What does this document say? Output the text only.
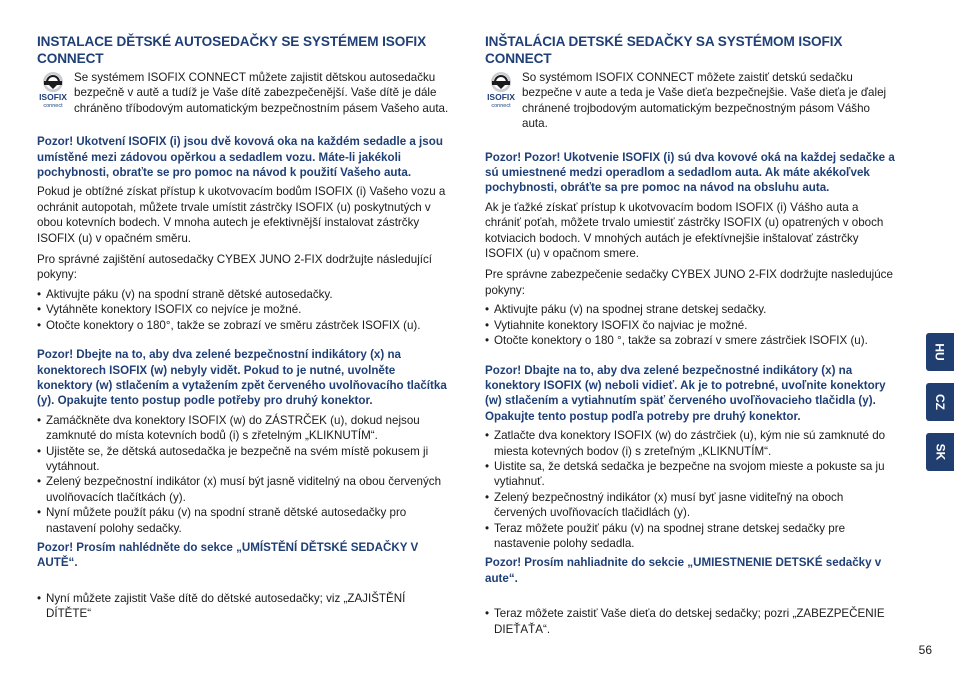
INSTALACE DĚTSKÉ AUTOSEDAČKY SE SYSTÉMEM ISOFIX CONNECT
ISOFIX
connect

Se systémem ISOFIX CONNECT můžete zajistit dětskou autosedačku bezpečně v autě a tudíž je Vaše dítě zabezpečenější. Vaše dítě je dále chráněno tříbodovým automatickým bezpečnostním pásem Vašeho auta.

Pozor! Ukotvení ISOFIX (i) jsou dvě kovová oka na každém sedadle a jsou umístěné mezi zádovou opěrkou a sedadlem vozu. Máte-li jakékoli pochybnosti, obraťte se pro pomoc na návod k použití Vašeho auta.

Pokud je obtížné získat přístup k ukotvovacím bodům ISOFIX (i) Vašeho vozu a ochránit autopotah, můžete trvale umístit zástrčky ISOFIX (u) poskytnutých v obou kotevních bodech. V mnoha autech je efektivnější instalovat zástrčky ISOFIX (u) v opačném směru.

Pro správné zajištění autosedačky CYBEX JUNO 2-FIX dodržujte následující pokyny:

• Aktivujte páku (v) na spodní straně dětské autosedačky.
• Vytáhněte konektory ISOFIX co nejvíce je možné.
• Otočte konektory o 180°, takže se zobrazí ve směru zástrček ISOFIX (u).

Pozor! Dbejte na to, aby dva zelené bezpečnostní indikátory (x) na konektorech ISOFIX (w) nebyly vidět. Pokud to je nutné, uvolněte konektory (w) stlačením a vytažením zpět červeného uvolňovacího tlačítka (y). Opakujte tento postup podle potřeby pro druhý konektor.

• Zamáčkněte dva konektory ISOFIX (w) do ZÁSTRČEK (u), dokud nejsou zamknuté do místa kotevních bodů (i) s zřetelným „KLIKNUTÍM“.
• Ujistěte se, že dětská autosedačka je bezpečně na svém místě pokusem ji vytáhnout.
• Zelený bezpečnostní indikátor (x) musí být jasně viditelný na obou červených uvolňovacích tlačítkách (y).
• Nyní můžete použít páku (v) na spodní straně dětské autosedačky pro nastavení polohy sedačky.

Pozor! Prosím nahlédněte do sekce „UMÍSTĚNÍ DĚTSKÉ SEDAČKY V AUTĚ“.

• Nyní můžete zajistit Vaše dítě do dětské autosedačky; viz „ZAJIŠTĚNÍ DÍTĚTE“
INŠTALÁCIA DETSKÉ SEDAČKY SA SYSTÉMOM ISOFIX CONNECT
ISOFIX
connect

So systémom ISOFIX CONNECT môžete zaistiť detskú sedačku bezpečne v aute a teda je Vaše dieťa bezpečnejšie. Vaše dieťa je ďalej chránené trojbodovým automatickým bezpečnostným pásom Vášho auta.

Pozor! Pozor! Ukotvenie ISOFIX (i) sú dva kovové oká na každej sedačke a sú umiestnené medzi operadlom a sedadlom auta. Ak máte akékoľvek pochybnosti, obráťte sa pre pomoc na návod na obsluhu auta.

Ak je ťažké získať prístup k ukotvovacím bodom ISOFIX (i) Vášho auta a chrániť poťah, môžete trvalo umiestiť zástrčky ISOFIX (u) opatrených v oboch kotviacich bodoch. V mnohých autách je efektívnejšie inštalovať zástrčky ISOFIX (u) v opačnom smere.

Pre správne zabezpečenie sedačky CYBEX JUNO 2-FIX dodržujte nasledujúce pokyny:

• Aktivujte páku (v) na spodnej strane detskej sedačky.
• Vytiahnite konektory ISOFIX čo najviac je možné.
• Otočte konektory o 180 °, takže sa zobrazí v smere zástrčiek ISOFIX (u).

Pozor! Dbajte na to, aby dva zelené bezpečnostné indikátory (x) na konektory ISOFIX (w) neboli vidieť. Ak je to potrebné, uvoľnite konektory (w) stlačením a vytiahnutím späť červeného uvoľňovacieho tlačidla (y). Opakujte tento postup podľa potreby pre druhý konektor.

• Zatlačte dva konektory ISOFIX (w) do zástrčiek (u), kým nie sú zamknuté do miesta kotevných bodov (i) s zreteľným „KLIKNUTÍM“.
• Uistite sa, že detská sedačka je bezpečne na svojom mieste a pokuste sa ju vytiahnuť.
• Zelený bezpečnostný indikátor (x) musí byť jasne viditeľný na oboch červených uvoľňovacích tlačidlách (y).
• Teraz môžete použiť páku (v) na spodnej strane detskej sedačky pre nastavenie polohy sedadla.

Pozor! Prosím nahliadnite do sekcie „UMIESTNENIE DETSKÉ sedačky v aute“.

• Teraz môžete zaistiť Vaše dieťa do detskej sedačky; pozri „ZABEZPEČENIE DIEŤAŤA“.
HU
CZ
SK
56
